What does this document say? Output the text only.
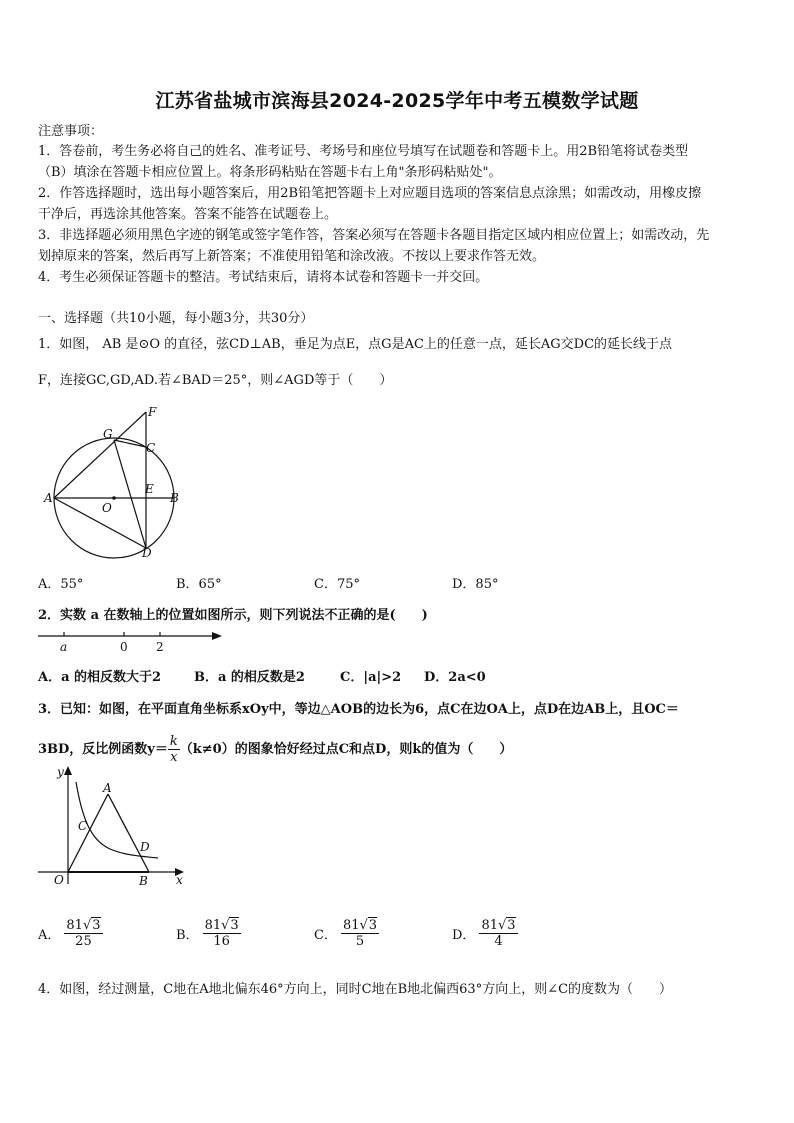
江苏省盐城市滨海县2024-2025学年中考五模数学试题
注意事项：
1．答卷前，考生务必将自己的姓名、准考证号、考场号和座位号填写在试题卷和答题卡上。用2B铅笔将试卷类型
（B）填涂在答题卡相应位置上。将条形码粘贴在答题卡右上角"条形码粘贴处"。
2．作答选择题时，选出每小题答案后，用2B铅笔把答题卡上对应题目选项的答案信息点涂黑；如需改动，用橡皮擦
干净后，再选涂其他答案。答案不能答在试题卷上。
3．非选择题必须用黑色字迹的钢笔或签字笔作答，答案必须写在答题卡各题目指定区域内相应位置上；如需改动，先
划掉原来的答案，然后再写上新答案；不准使用铅笔和涂改液。不按以上要求作答无效。
4．考生必须保证答题卡的整洁。考试结束后，请将本试卷和答题卡一并交回。
一、选择题（共10小题，每小题3分，共30分）
1．如图， AB 是⊙O 的直径，弦CD⊥AB，垂足为点E，点G是AC上的任意一点，延长AG交DC的延长线于点
F，连接GC,GD,AD.若∠BAD＝25°，则∠AGD等于（　　）
F
G
C
A
E
B
O
D
A．55°	B．65°	C．75°	D．85°
2．实数 a 在数轴上的位置如图所示，则下列说法不正确的是(　　)
a	0 2
A．a 的相反数大于2	B．a 的相反数是2	C．|a|>2 D．2a<0
3．已知：如图，在平面直角坐标系xOy中，等边△AOB的边长为6，点C在边OA上，点D在边AB上，且OC＝
3BD，反比例函数$y= \frac{k}{x} (k\ne 0)$的图象恰好经过点C和点D，则k的值为（　　）
y
A
C
D
O	B x
A． $\frac{81√3}{25}$	B． $\frac{81√3}{16}$	C． $\frac{81√3}{5}$	D． $\frac{81√3}{4}$
4．如图，经过测量，C地在A地北偏东46°方向上，同时C地在B地北偏西63°方向上，则∠C的度数为（　　）
